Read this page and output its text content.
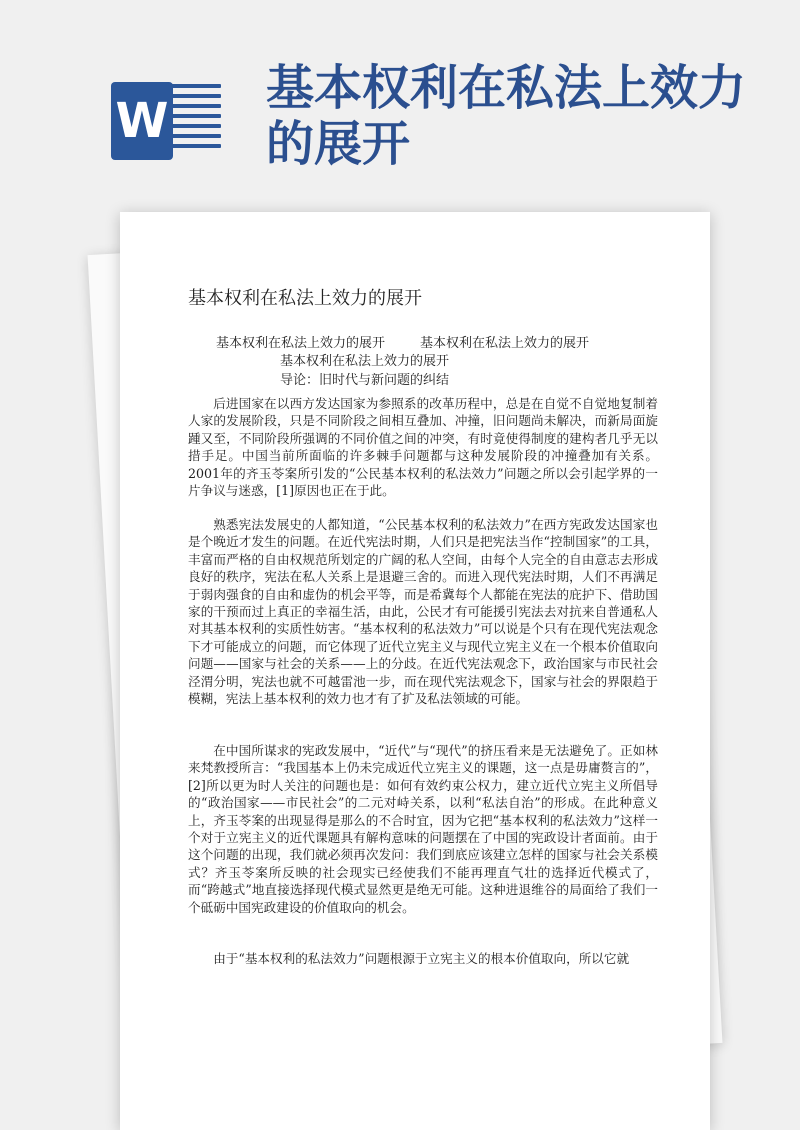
W
基本权利在私法上效力的展开
基本权利在私法上效力的展开
基本权利在私法上效力的展开	基本权利在私法上效力的展开
基本权利在私法上效力的展开
导论：旧时代与新问题的纠结

后进国家在以西方发达国家为参照系的改革历程中，总是在自觉不自觉地复制着人家的发展阶段，只是不同阶段之间相互叠加、冲撞，旧问题尚未解决，而新局面旋踵又至，不同阶段所强调的不同价值之间的冲突，有时竟使得制度的建构者几乎无以措手足。中国当前所面临的许多棘手问题都与这种发展阶段的冲撞叠加有关系。2001年的齐玉苓案所引发的“公民基本权利的私法效力”问题之所以会引起学界的一片争议与迷惑，[1]原因也正在于此。

熟悉宪法发展史的人都知道，“公民基本权利的私法效力”在西方宪政发达国家也是个晚近才发生的问题。在近代宪法时期，人们只是把宪法当作“控制国家”的工具，丰富而严格的自由权规范所划定的广阔的私人空间，由每个人完全的自由意志去形成良好的秩序，宪法在私人关系上是退避三舍的。而进入现代宪法时期，人们不再满足于弱肉强食的自由和虚伪的机会平等，而是希冀每个人都能在宪法的庇护下、借助国家的干预而过上真正的幸福生活，由此，公民才有可能援引宪法去对抗来自普通私人对其基本权利的实质性妨害。“基本权利的私法效力”可以说是个只有在现代宪法观念下才可能成立的问题，而它体现了近代立宪主义与现代立宪主义在一个根本价值取向问题——国家与社会的关系——上的分歧。在近代宪法观念下，政治国家与市民社会泾渭分明，宪法也就不可越雷池一步，而在现代宪法观念下，国家与社会的界限趋于模糊，宪法上基本权利的效力也才有了扩及私法领域的可能。

在中国所谋求的宪政发展中，“近代”与“现代”的挤压看来是无法避免了。正如林来梵教授所言：“我国基本上仍未完成近代立宪主义的课题，这一点是毋庸赘言的”，[2]所以更为时人关注的问题也是：如何有效约束公权力，建立近代立宪主义所倡导的“政治国家——市民社会”的二元对峙关系，以利“私法自治”的形成。在此种意义上，齐玉苓案的出现显得是那么的不合时宜，因为它把“基本权利的私法效力”这样一个对于立宪主义的近代课题具有解构意味的问题摆在了中国的宪政设计者面前。由于这个问题的出现，我们就必须再次发问：我们到底应该建立怎样的国家与社会关系模式？齐玉苓案所反映的社会现实已经使我们不能再理直气壮的选择近代模式了，而“跨越式”地直接选择现代模式显然更是绝无可能。这种进退维谷的局面给了我们一个砥砺中国宪政建设的价值取向的机会。

由于“基本权利的私法效力”问题根源于立宪主义的根本价值取向，所以它就
